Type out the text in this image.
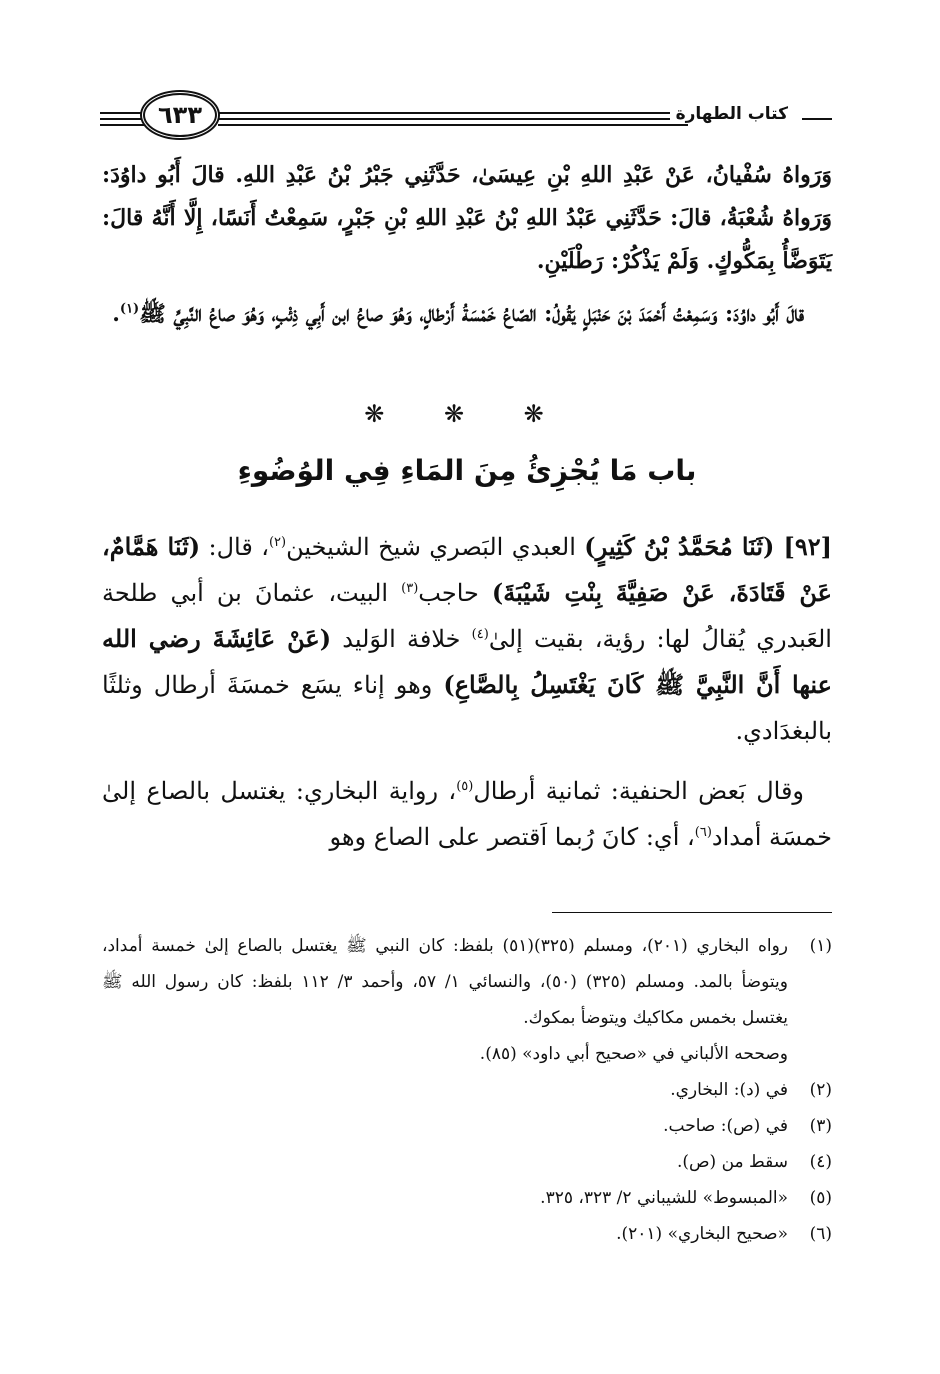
٦٣٣	كتاب الطهارة

وَرَواهُ سُفْيانُ، عَنْ عَبْدِ اللهِ بْنِ عِيسَىٰ، حَدَّثَنِي جَبْرُ بْنُ عَبْدِ اللهِ. قالَ أَبُو داوُدَ: وَرَواهُ شُعْبَةُ، قالَ: حَدَّثَنِي عَبْدُ اللهِ بْنُ عَبْدِ اللهِ بْنِ جَبْرٍ، سَمِعْتُ أَنَسًا، إِلَّا أَنَّهُ قالَ: يَتَوَضَّأُ بِمَكُّوكٍ. وَلَمْ يَذْكُرْ: رَطْلَيْنِ.

قالَ أَبُو داوُدَ: وَسَمِعْتُ أَحْمَدَ بْنَ حَنْبَلٍ يَقُولُ: الصّاعُ خَمْسَةُ أَرْطالٍ، وَهُوَ صاعُ ابن أَبِي ذِئْبٍ، وَهُوَ صاعُ النَّبِيِّ ﷺ$^{(١)}$.

❋ ❋ ❋
باب مَا يُجْزِئُ مِنَ المَاءِ فِي الوُضُوءِ

[٩٢] (ثَنَا مُحَمَّدُ بْنُ كَثِيرٍ) العبدي البَصري شيخ الشيخين$^{(٢)}$، قال: (ثَنَا هَمَّامٌ، عَنْ قَتَادَةَ، عَنْ صَفِيَّةَ بِنْتِ شَيْبَةَ) حاجب$^{(٣)}$ البيت، عثمانَ بن أبي طلحة العَبدري يُقالُ لها: رؤية، بقيت إلىٰ$^{(٤)}$ خلافة الوَليد (عَنْ عَائِشَةَ رضي الله عنها أَنَّ النَّبِيَّ ﷺ كَانَ يَغْتَسِلُ بِالصَّاعِ) وهو إناء يسَع خمسَةَ أرطال وثلثًا بالبغدَادي.

وقال بَعض الحنفية: ثمانية أرطال$^{(٥)}$، رواية البخاري: يغتسل بالصاع إلىٰ خمسَة أمداد$^{(٦)}$، أي: كانَ رُبما اَقتصر على الصاع وهو

(١)
رواه البخاري (٢٠١)، ومسلم (٣٢٥)(٥١) بلفظ: كان النبي ﷺ يغتسل بالصاع إلىٰ خمسة أمداد، ويتوضأ بالمد. ومسلم (٣٢٥) (٥٠)، والنسائي ١/ ٥٧، وأحمد ٣/ ١١٢ بلفظ: كان رسول الله ﷺ يغتسل بخمس مكاكيك ويتوضأ بمكوك.
وصححه الألباني في «صحيح أبي داود» (٨٥).
(٢)
في (د): البخاري.
(٣)
في (ص): صاحب.
(٤)
سقط من (ص).
(٥)
«المبسوط» للشيباني ٢/ ٣٢٣، ٣٢٥.
(٦)
«صحيح البخاري» (٢٠١).
